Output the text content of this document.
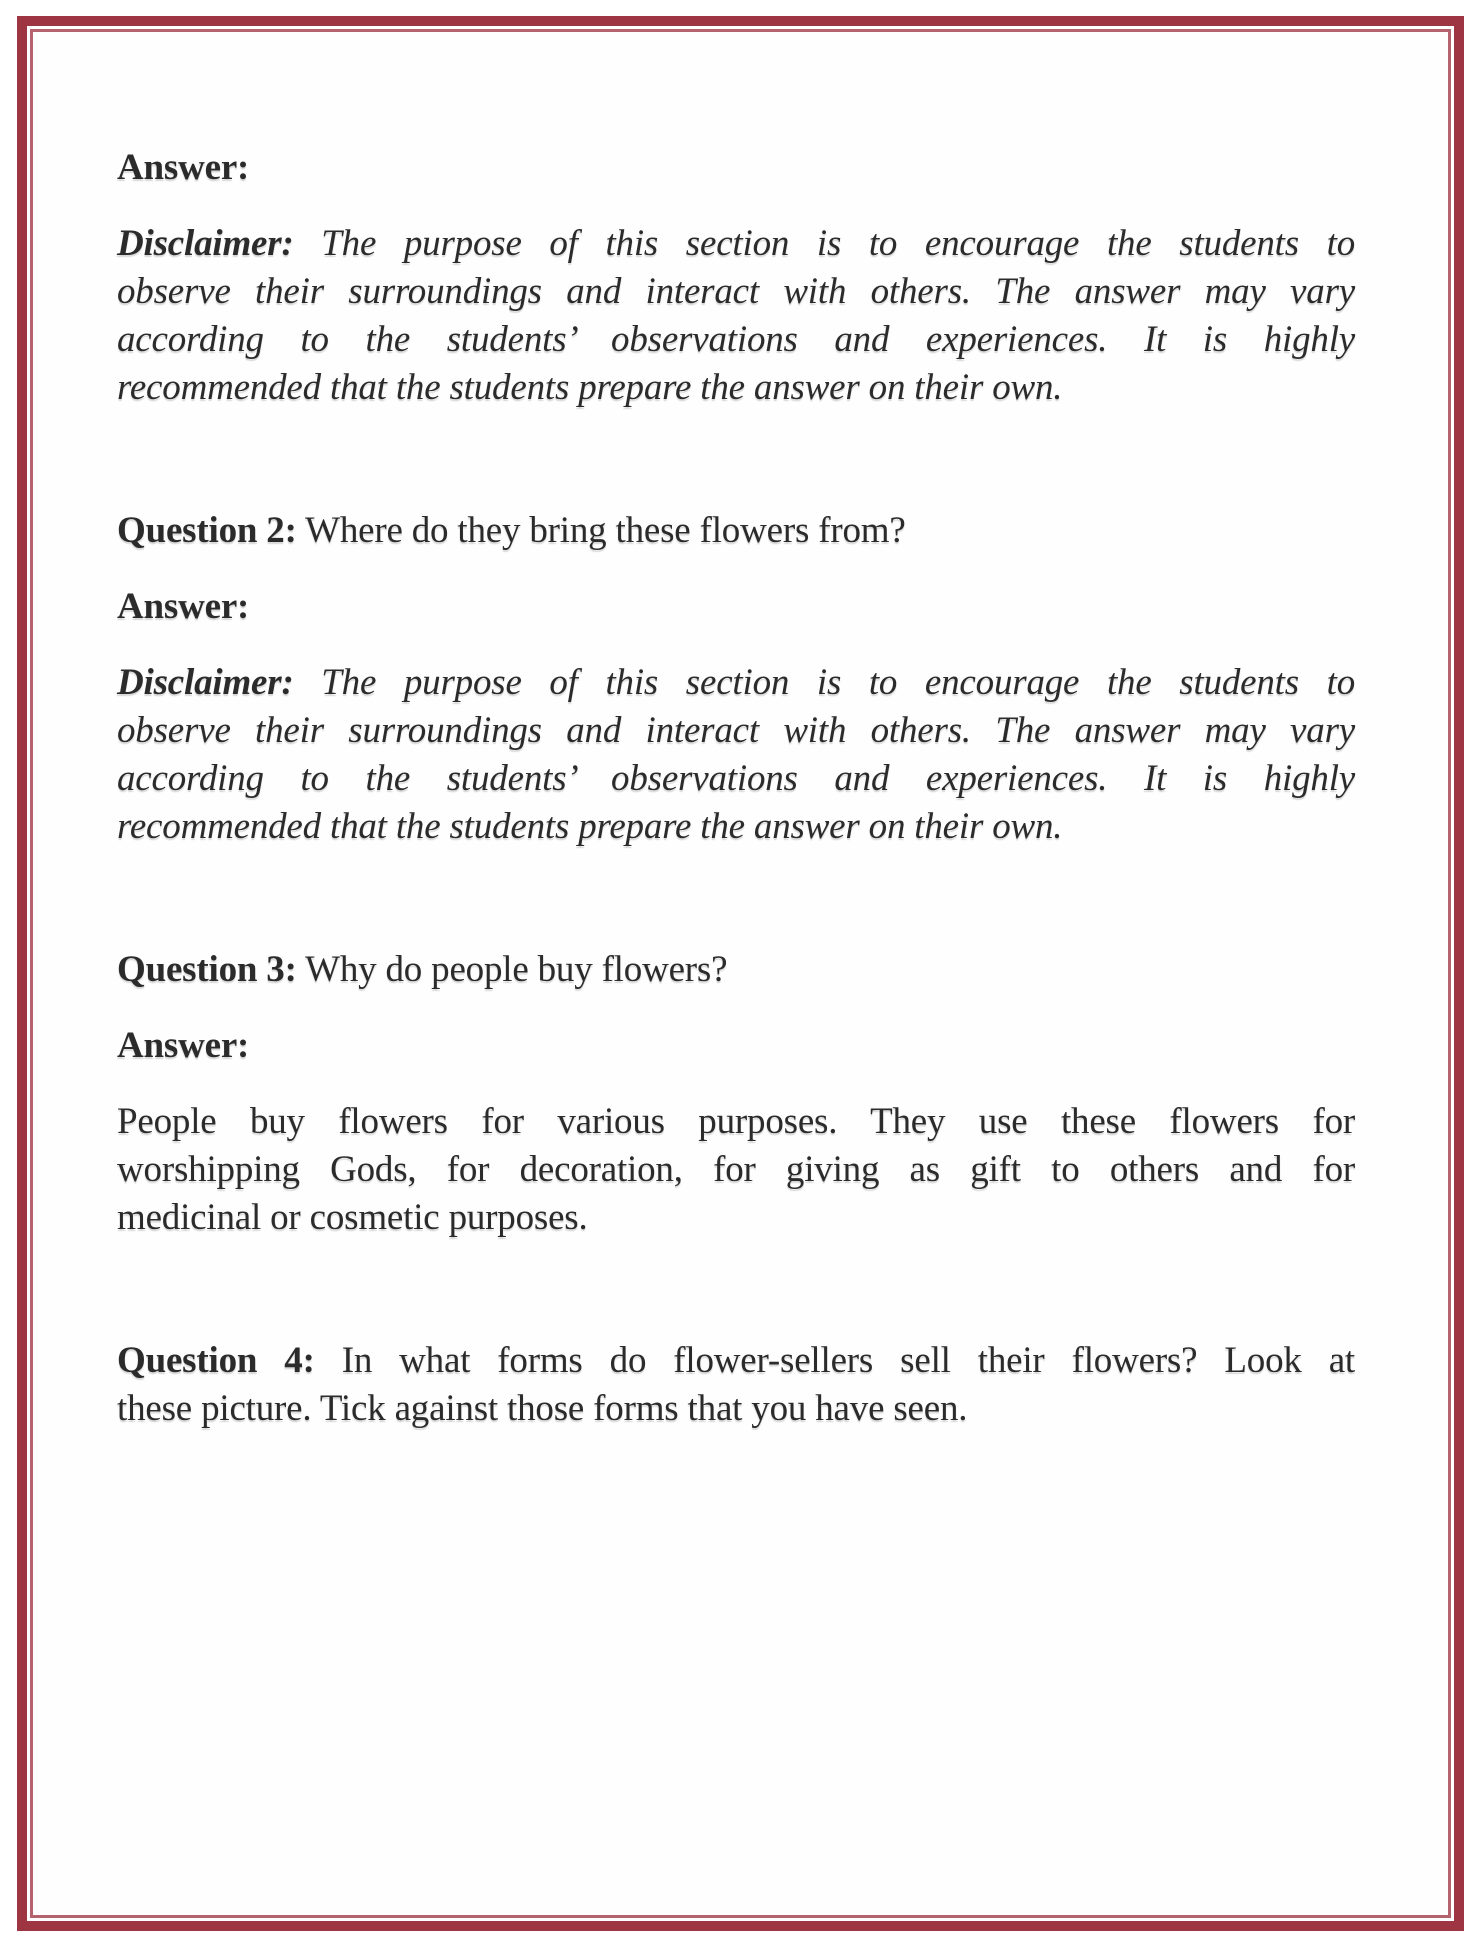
Answer:
Disclaimer: The purpose of this section is to encourage the students to
observe their surroundings and interact with others. The answer may vary
according to the students’ observations and experiences. It is highly
recommended that the students prepare the answer on their own.
Question 2: Where do they bring these flowers from?
Answer:
Disclaimer: The purpose of this section is to encourage the students to
observe their surroundings and interact with others. The answer may vary
according to the students’ observations and experiences. It is highly
recommended that the students prepare the answer on their own.
Question 3: Why do people buy flowers?
Answer:
People buy flowers for various purposes. They use these flowers for
worshipping Gods, for decoration, for giving as gift to others and for
medicinal or cosmetic purposes.
Question 4: In what forms do flower-sellers sell their flowers? Look at
these picture. Tick against those forms that you have seen.
